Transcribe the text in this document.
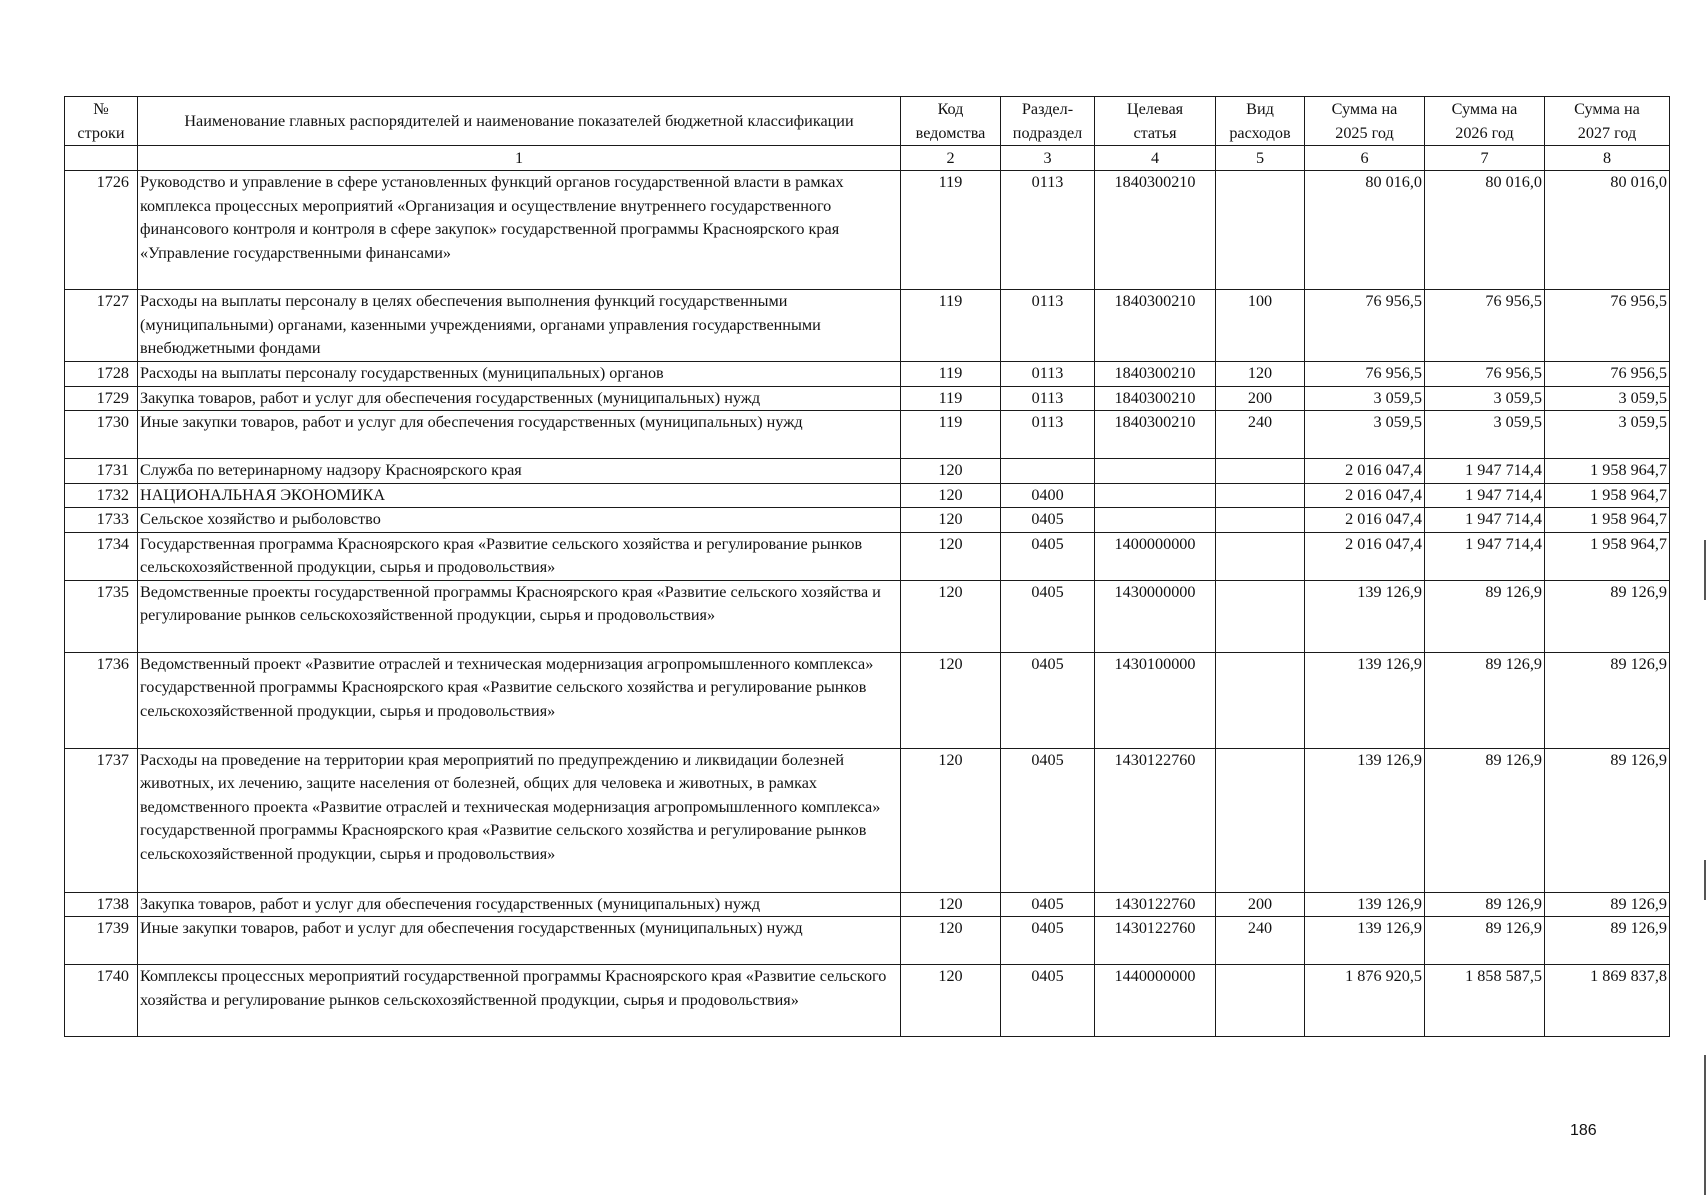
№ строки	Наименование главных распорядителей и наименование показателей бюджетной классификации	Код ведомства	Раздел-подраздел	Целевая статья	Вид расходов	Сумма на 2025 год	Сумма на 2026 год	Сумма на 2027 год
	1	2	3	4	5	6	7	8
1726	Руководство и управление в сфере установленных функций органов государственной власти в рамках комплекса процессных мероприятий «Организация и осуществление внутреннего государственного финансового контроля и контроля в сфере закупок» государственной программы Красноярского края «Управление государственными финансами»	119	0113	1840300210		80 016,0	80 016,0	80 016,0
1727	Расходы на выплаты персоналу в целях обеспечения выполнения функций государственными (муниципальными) органами, казенными учреждениями, органами управления государственными внебюджетными фондами	119	0113	1840300210	100	76 956,5	76 956,5	76 956,5
1728	Расходы на выплаты персоналу государственных (муниципальных) органов	119	0113	1840300210	120	76 956,5	76 956,5	76 956,5
1729	Закупка товаров, работ и услуг для обеспечения государственных (муниципальных) нужд	119	0113	1840300210	200	3 059,5	3 059,5	3 059,5
1730	Иные закупки товаров, работ и услуг для обеспечения государственных (муниципальных) нужд	119	0113	1840300210	240	3 059,5	3 059,5	3 059,5
1731	Служба по ветеринарному надзору Красноярского края	120				2 016 047,4	1 947 714,4	1 958 964,7
1732	НАЦИОНАЛЬНАЯ ЭКОНОМИКА	120	0400			2 016 047,4	1 947 714,4	1 958 964,7
1733	Сельское хозяйство и рыболовство	120	0405			2 016 047,4	1 947 714,4	1 958 964,7
1734	Государственная программа Красноярского края «Развитие сельского хозяйства и регулирование рынков сельскохозяйственной продукции, сырья и продовольствия»	120	0405	1400000000		2 016 047,4	1 947 714,4	1 958 964,7
1735	Ведомственные проекты государственной программы Красноярского края «Развитие сельского хозяйства и регулирование рынков сельскохозяйственной продукции, сырья и продовольствия»	120	0405	1430000000		139 126,9	89 126,9	89 126,9
1736	Ведомственный проект «Развитие отраслей и техническая модернизация агропромышленного комплекса» государственной программы Красноярского края «Развитие сельского хозяйства и регулирование рынков сельскохозяйственной продукции, сырья и продовольствия»	120	0405	1430100000		139 126,9	89 126,9	89 126,9
1737	Расходы на проведение на территории края мероприятий по предупреждению и ликвидации болезней животных, их лечению, защите населения от болезней, общих для человека и животных, в рамках ведомственного проекта «Развитие отраслей и техническая модернизация агропромышленного комплекса» государственной программы Красноярского края «Развитие сельского хозяйства и регулирование рынков сельскохозяйственной продукции, сырья и продовольствия»	120	0405	1430122760		139 126,9	89 126,9	89 126,9
1738	Закупка товаров, работ и услуг для обеспечения государственных (муниципальных) нужд	120	0405	1430122760	200	139 126,9	89 126,9	89 126,9
1739	Иные закупки товаров, работ и услуг для обеспечения государственных (муниципальных) нужд	120	0405	1430122760	240	139 126,9	89 126,9	89 126,9
1740	Комплексы процессных мероприятий государственной программы Красноярского края «Развитие сельского хозяйства и регулирование рынков сельскохозяйственной продукции, сырья и продовольствия»	120	0405	1440000000		1 876 920,5	1 858 587,5	1 869 837,8
186
